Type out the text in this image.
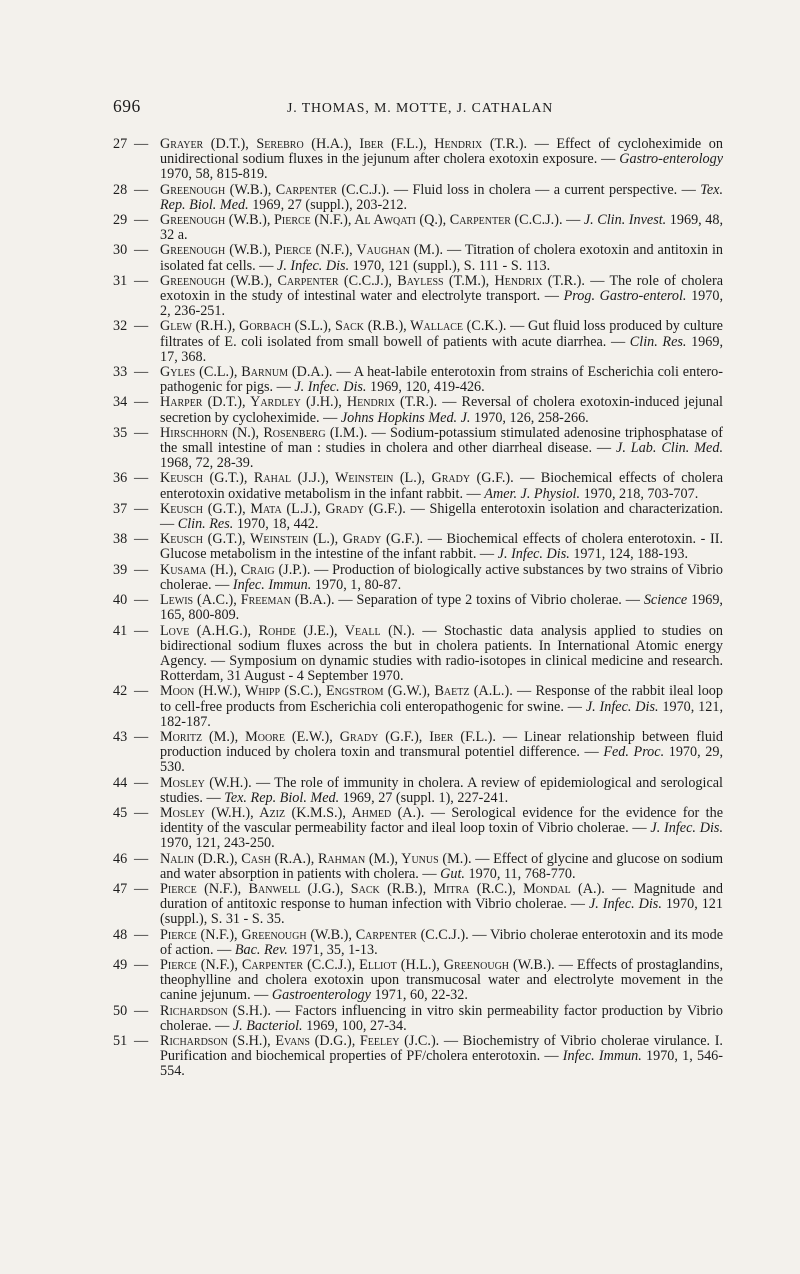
696	J. THOMAS, M. MOTTE, J. CATHALAN
27 — Grayer (D.T.), Serebro (H.A.), Iber (F.L.), Hendrix (T.R.). — Effect of cycloheximide on unidirectional sodium fluxes in the jejunum after cholera exotoxin exposure. — Gastro-enterology 1970, 58, 815-819.
28 — Greenough (W.B.), Carpenter (C.C.J.). — Fluid loss in cholera — a current perspective. — Tex. Rep. Biol. Med. 1969, 27 (suppl.), 203-212.
29 — Greenough (W.B.), Pierce (N.F.), Al Awqati (Q.), Carpenter (C.C.J.). — J. Clin. Invest. 1969, 48, 32 a.
30 — Greenough (W.B.), Pierce (N.F.), Vaughan (M.). — Titration of cholera exotoxin and antitoxin in isolated fat cells. — J. Infec. Dis. 1970, 121 (suppl.), S. 111 - S. 113.
31 — Greenough (W.B.), Carpenter (C.C.J.), Bayless (T.M.), Hendrix (T.R.). — The role of cholera exotoxin in the study of intestinal water and electrolyte transport. — Prog. Gastro-enterol. 1970, 2, 236-251.
32 — Glew (R.H.), Gorbach (S.L.), Sack (R.B.), Wallace (C.K.). — Gut fluid loss produced by culture filtrates of E. coli isolated from small bowell of patients with acute diarrhea. — Clin. Res. 1969, 17, 368.
33 — Gyles (C.L.), Barnum (D.A.). — A heat-labile enterotoxin from strains of Escherichia coli entero-pathogenic for pigs. — J. Infec. Dis. 1969, 120, 419-426.
34 — Harper (D.T.), Yardley (J.H.), Hendrix (T.R.). — Reversal of cholera exotoxin-induced jejunal secretion by cycloheximide. — Johns Hopkins Med. J. 1970, 126, 258-266.
35 — Hirschhorn (N.), Rosenberg (I.M.). — Sodium-potassium stimulated adenosine triphosphatase of the small intestine of man : studies in cholera and other diarrheal disease. — J. Lab. Clin. Med. 1968, 72, 28-39.
36 — Keusch (G.T.), Rahal (J.J.), Weinstein (L.), Grady (G.F.). — Biochemical effects of cholera enterotoxin oxidative metabolism in the infant rabbit. — Amer. J. Physiol. 1970, 218, 703-707.
37 — Keusch (G.T.), Mata (L.J.), Grady (G.F.). — Shigella enterotoxin isolation and characterization. — Clin. Res. 1970, 18, 442.
38 — Keusch (G.T.), Weinstein (L.), Grady (G.F.). — Biochemical effects of cholera enterotoxin. - II. Glucose metabolism in the intestine of the infant rabbit. — J. Infec. Dis. 1971, 124, 188-193.
39 — Kusama (H.), Craig (J.P.). — Production of biologically active substances by two strains of Vibrio cholerae. — Infec. Immun. 1970, 1, 80-87.
40 — Lewis (A.C.), Freeman (B.A.). — Separation of type 2 toxins of Vibrio cholerae. — Science 1969, 165, 800-809.
41 — Love (A.H.G.), Rohde (J.E.), Veall (N.). — Stochastic data analysis applied to studies on bidirectional sodium fluxes across the but in cholera patients. In International Atomic energy Agency. — Symposium on dynamic studies with radio-isotopes in clinical medicine and research. Rotterdam, 31 August - 4 September 1970.
42 — Moon (H.W.), Whipp (S.C.), Engstrom (G.W.), Baetz (A.L.). — Response of the rabbit ileal loop to cell-free products from Escherichia coli enteropathogenic for swine. — J. Infec. Dis. 1970, 121, 182-187.
43 — Moritz (M.), Moore (E.W.), Grady (G.F.), Iber (F.L.). — Linear relationship between fluid production induced by cholera toxin and transmural potentiel difference. — Fed. Proc. 1970, 29, 530.
44 — Mosley (W.H.). — The role of immunity in cholera. A review of epidemiological and serological studies. — Tex. Rep. Biol. Med. 1969, 27 (suppl. 1), 227-241.
45 — Mosley (W.H.), Aziz (K.M.S.), Ahmed (A.). — Serological evidence for the evidence for the identity of the vascular permeability factor and ileal loop toxin of Vibrio cholerae. — J. Infec. Dis. 1970, 121, 243-250.
46 — Nalin (D.R.), Cash (R.A.), Rahman (M.), Yunus (M.). — Effect of glycine and glucose on sodium and water absorption in patients with cholera. — Gut. 1970, 11, 768-770.
47 — Pierce (N.F.), Banwell (J.G.), Sack (R.B.), Mitra (R.C.), Mondal (A.). — Magnitude and duration of antitoxic response to human infection with Vibrio cholerae. — J. Infec. Dis. 1970, 121 (suppl.), S. 31 - S. 35.
48 — Pierce (N.F.), Greenough (W.B.), Carpenter (C.C.J.). — Vibrio cholerae enterotoxin and its mode of action. — Bac. Rev. 1971, 35, 1-13.
49 — Pierce (N.F.), Carpenter (C.C.J.), Elliot (H.L.), Greenough (W.B.). — Effects of prostaglandins, theophylline and cholera exotoxin upon transmucosal water and electrolyte movement in the canine jejunum. — Gastroenterology 1971, 60, 22-32.
50 — Richardson (S.H.). — Factors influencing in vitro skin permeability factor production by Vibrio cholerae. — J. Bacteriol. 1969, 100, 27-34.
51 — Richardson (S.H.), Evans (D.G.), Feeley (J.C.). — Biochemistry of Vibrio cholerae virulance. I. Purification and biochemical properties of PF/cholera enterotoxin. — Infec. Immun. 1970, 1, 546-554.
